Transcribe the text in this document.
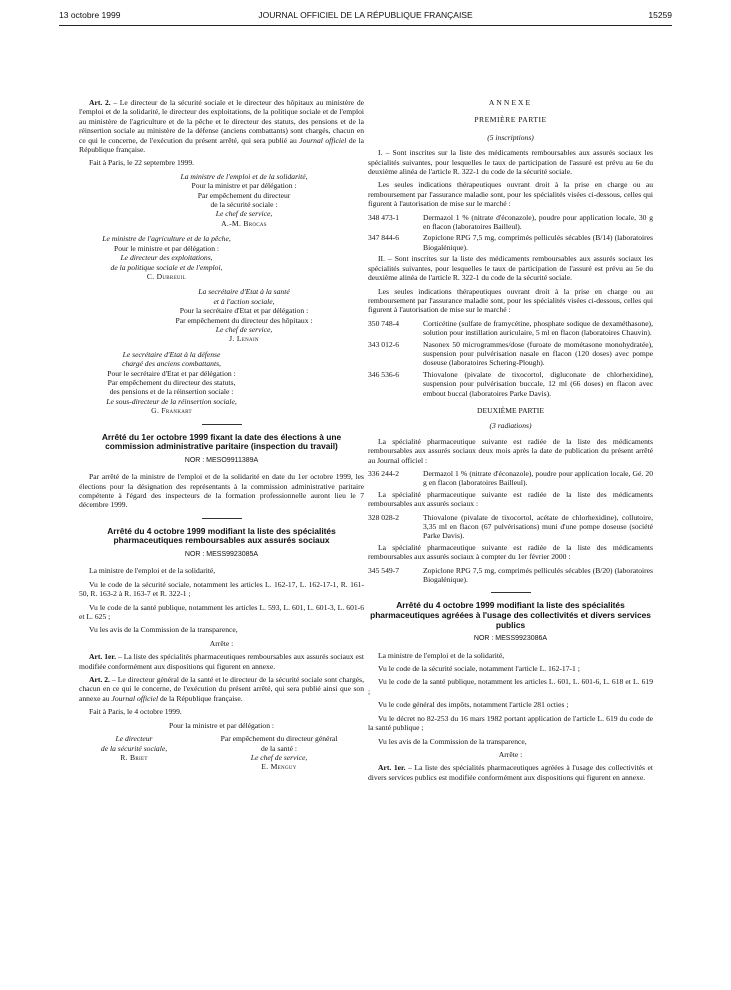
13 octobre 1999	JOURNAL OFFICIEL DE LA RÉPUBLIQUE FRANÇAISE	15259

Art. 2. – Le directeur de la sécurité sociale et le directeur des hôpitaux au ministère de l'emploi et de la solidarité, le directeur des exploitations, de la politique sociale et de l'emploi au ministère de l'agriculture et de la pêche et le directeur des statuts, des pensions et de la réinsertion sociale au ministère de la défense (anciens combattants) sont chargés, chacun en ce qui le concerne, de l'exécution du présent arrêté, qui sera publié au Journal officiel de la République française.

Fait à Paris, le 22 septembre 1999.

La ministre de l'emploi et de la solidarité,

Pour la ministre et par délégation :

Par empêchement du directeur

de la sécurité sociale :

Le chef de service,

A.-M. Brocas

Le ministre de l'agriculture et de la pêche,

Pour le ministre et par délégation :

Le directeur des exploitations,

de la politique sociale et de l'emploi,

C. Dubreuil

La secrétaire d'Etat à la santé

et à l'action sociale,

Pour la secrétaire d'Etat et par délégation :

Par empêchement du directeur des hôpitaux :

Le chef de service,

J. Lenain

Le secrétaire d'Etat à la défense

chargé des anciens combattants,

Pour le secrétaire d'Etat et par délégation :

Par empêchement du directeur des statuts,

des pensions et de la réinsertion sociale :

Le sous-directeur de la réinsertion sociale,

G. Frankart

Arrêté du 1er octobre 1999 fixant la date des élections à une commission administrative paritaire (inspection du travail)

NOR : MESO9911389A

Par arrêté de la ministre de l'emploi et de la solidarité en date du 1er octobre 1999, les élections pour la désignation des représentants à la commission administrative paritaire compétente à l'égard des inspecteurs de la formation professionnelle auront lieu le 7 décembre 1999.

Arrêté du 4 octobre 1999 modifiant la liste des spécialités pharmaceutiques remboursables aux assurés sociaux

NOR : MESS9923085A

La ministre de l'emploi et de la solidarité,

Vu le code de la sécurité sociale, notamment les articles L. 162-17, L. 162-17-1, R. 161-50, R. 163-2 à R. 163-7 et R. 322-1 ;

Vu le code de la santé publique, notamment les articles L. 593, L. 601, L. 601-3, L. 601-6 et L. 625 ;

Vu les avis de la Commission de la transparence,

Arrête :

Art. 1er. – La liste des spécialités pharmaceutiques remboursables aux assurés sociaux est modifiée conformément aux dispositions qui figurent en annexe.

Art. 2. – Le directeur général de la santé et le directeur de la sécurité sociale sont chargés, chacun en ce qui le concerne, de l'exécution du présent arrêté, qui sera publié ainsi que son annexe au Journal officiel de la République française.

Fait à Paris, le 4 octobre 1999.

Pour la ministre et par délégation :

Le directeur

de la sécurité sociale,

R. Briet

Par empêchement du directeur général

de la santé :

Le chef de service,

E. Menguy

ANNEXE

PREMIÈRE PARTIE

(5 inscriptions)

I. – Sont inscrites sur la liste des médicaments remboursables aux assurés sociaux les spécialités suivantes, pour lesquelles le taux de participation de l'assuré est prévu au 6e du deuxième alinéa de l'article R. 322-1 du code de la sécurité sociale.

Les seules indications thérapeutiques ouvrant droit à la prise en charge ou au remboursement par l'assurance maladie sont, pour les spécialités visées ci-dessous, celles qui figurent à l'autorisation de mise sur le marché :

348 473-1	Dermazol 1 % (nitrate d'éconazole), poudre pour application locale, 30 g en flacon (laboratoires Bailleul).
347 844-6	Zopiclone RPG 7,5 mg, comprimés pelliculés sécables (B/14) (laboratoires Biogalénique).

II. – Sont inscrites sur la liste des médicaments remboursables aux assurés sociaux les spécialités suivantes, pour lesquelles le taux de participation de l'assuré est prévu au 5e du deuxième alinéa de l'article R. 322-1 du code de la sécurité sociale.

Les seules indications thérapeutiques ouvrant droit à la prise en charge ou au remboursement par l'assurance maladie sont, pour les spécialités visées ci-dessous, celles qui figurent à l'autorisation de mise sur le marché :

350 748-4	Corticétine (sulfate de framycétine, phosphate sodique de dexaméthasone), solution pour instillation auriculaire, 5 ml en flacon (laboratoires Chauvin).
343 012-6	Nasonex 50 microgrammes/dose (furoate de mométasone monohydratée), suspension pour pulvérisation nasale en flacon (120 doses) avec pompe doseuse (laboratoires Schering-Plough).
346 536-6	Thiovalone (pivalate de tixocortol, digluconate de chlorhexidine), suspension pour pulvérisation buccale, 12 ml (66 doses) en flacon avec embout buccal (laboratoires Parke Davis).

DEUXIÈME PARTIE

(3 radiations)

La spécialité pharmaceutique suivante est radiée de la liste des médicaments remboursables aux assurés sociaux deux mois après la date de publication du présent arrêté au Journal officiel :

336 244-2	Dermazol 1 % (nitrate d'éconazole), poudre pour application locale, Gé. 20 g en flacon (laboratoires Bailleul).

La spécialité pharmaceutique suivante est radiée de la liste des médicaments remboursables aux assurés sociaux :

328 028-2	Thiovalone (pivalate de tixocortol, acétate de chlorhexidine), collutoire, 3,35 ml en flacon (67 pulvérisations) muni d'une pompe doseuse (société Parke Davis).

La spécialité pharmaceutique suivante est radiée de la liste des médicaments remboursables aux assurés sociaux à compter du 1er février 2000 :

345 549-7	Zopiclone RPG 7,5 mg, comprimés pelliculés sécables (B/20) (laboratoires Biogalénique).

Arrêté du 4 octobre 1999 modifiant la liste des spécialités pharmaceutiques agréées à l'usage des collectivités et divers services publics

NOR : MESS9923086A

La ministre de l'emploi et de la solidarité,

Vu le code de la sécurité sociale, notamment l'article L. 162-17-1 ;

Vu le code de la santé publique, notamment les articles L. 601, L. 601-6, L. 618 et L. 619 ;

Vu le code général des impôts, notamment l'article 281 octies ;

Vu le décret no 82-253 du 16 mars 1982 portant application de l'article L. 619 du code de la santé publique ;

Vu les avis de la Commission de la transparence,

Arrête :

Art. 1er. – La liste des spécialités pharmaceutiques agréées à l'usage des collectivités et divers services publics est modifiée conformément aux dispositions qui figurent en annexe.
